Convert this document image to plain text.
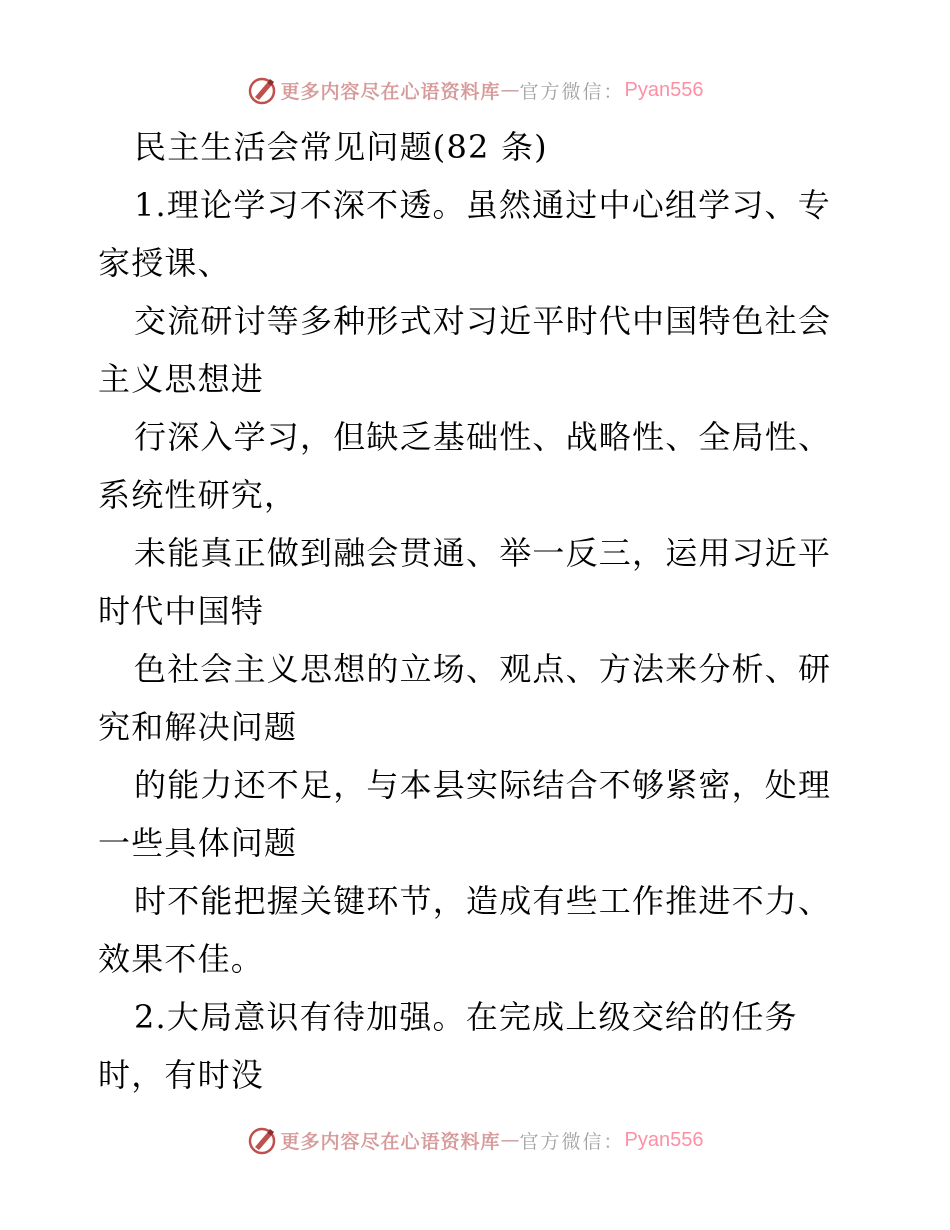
更多内容尽在心语资料库 — 官方微信： Pyan556

民主生活会常见问题(82 条)

1.理论学习不深不透。虽然通过中心组学习、专家授课、

交流研讨等多种形式对习近平时代中国特色社会主义思想进

行深入学习，但缺乏基础性、战略性、全局性、系统性研究，

未能真正做到融会贯通、举一反三，运用习近平时代中国特

色社会主义思想的立场、观点、方法来分析、研究和解决问题

的能力还不足，与本县实际结合不够紧密，处理一些具体问题

时不能把握关键环节，造成有些工作推进不力、效果不佳。

2.大局意识有待加强。在完成上级交给的任务时，有时没

更多内容尽在心语资料库 — 官方微信： Pyan556
